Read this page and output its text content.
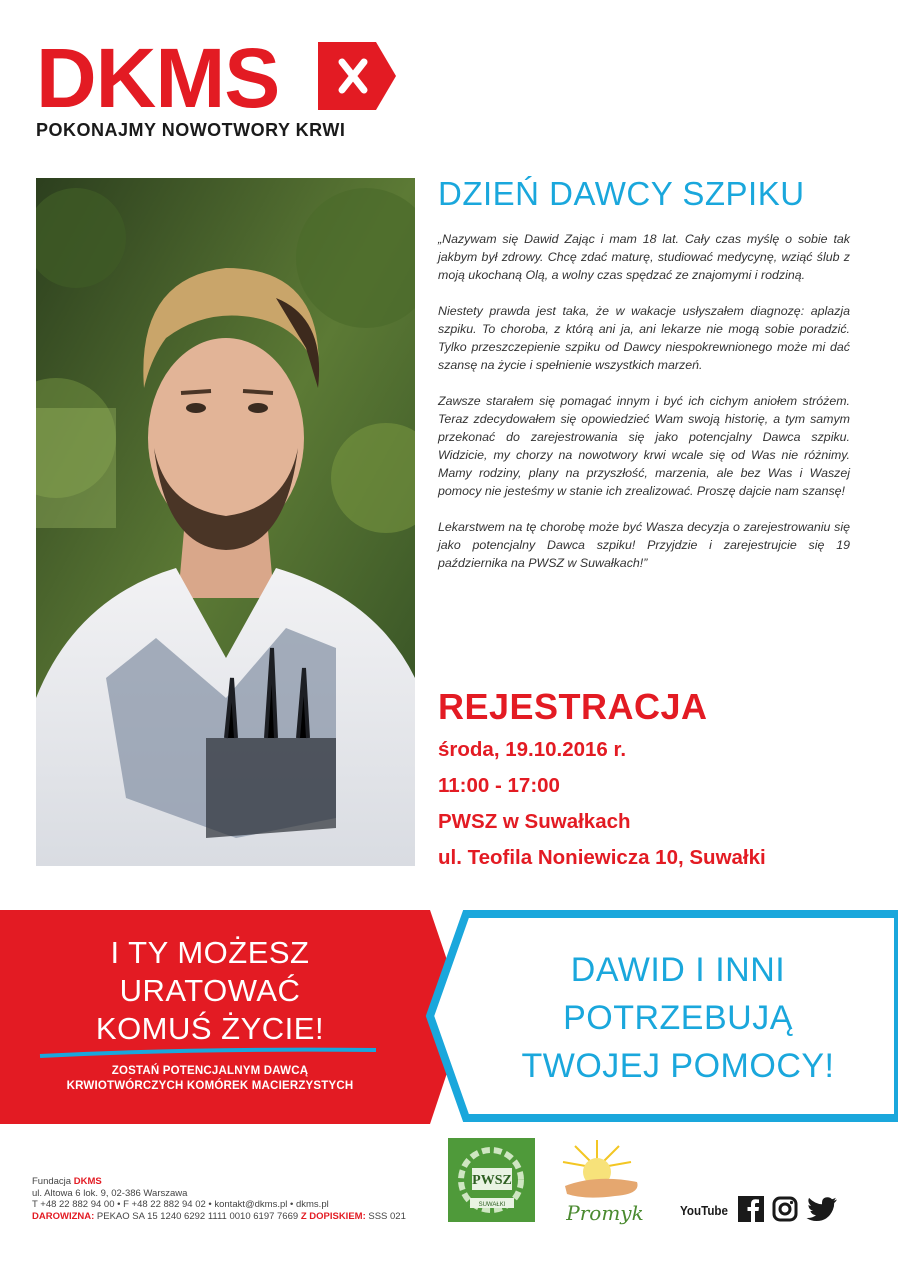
DKMS
POKONAJMY NOWOTWORY KRWI
DZIEŃ DAWCY SZPIKU

„Nazywam się Dawid Zając i mam 18 lat. Cały czas myślę o sobie tak jakbym był zdrowy. Chcę zdać maturę, studiować medycynę, wziąć ślub z moją ukochaną Olą, a wolny czas spędzać ze znajomymi i rodziną.

Niestety prawda jest taka, że w wakacje usłyszałem diagnozę: aplazja szpiku. To choroba, z którą ani ja, ani lekarze nie mogą sobie poradzić. Tylko przeszczepienie szpiku od Dawcy niespokrewnionego może mi dać szansę na życie i spełnienie wszystkich marzeń.

Zawsze starałem się pomagać innym i być ich cichym aniołem stróżem. Teraz zdecydowałem się opowiedzieć Wam swoją historię, a tym samym przekonać do zarejestrowania się jako potencjalny Dawca szpiku. Widzicie, my chorzy na nowotwory krwi wcale się od Was nie różnimy. Mamy rodziny, plany na przyszłość, marzenia, ale bez Was i Waszej pomocy nie jesteśmy w stanie ich zrealizować. Proszę dajcie nam szansę!

Lekarstwem na tę chorobę może być Wasza decyzja o zarejestrowaniu się jako potencjalny Dawca szpiku! Przyjdzie i zarejestrujcie się 19 października na PWSZ w Suwałkach!”

REJESTRACJA
środa, 19.10.2016 r.
11:00 - 17:00
PWSZ w Suwałkach
ul. Teofila Noniewicza 10, Suwałki
I TY MOŻESZ
URATOWAĆ
KOMUŚ ŻYCIE!
ZOSTAŃ POTENCJALNYM DAWCĄ
KRWIOTWÓRCZYCH KOMÓREK MACIERZYSTYCH
DAWID I INNI
POTRZEBUJĄ
TWOJEJ POMOCY!
Fundacja DKMS
ul. Altowa 6 lok. 9, 02-386 Warszawa
T +48 22 882 94 00 • F +48 22 882 94 02 • kontakt@dkms.pl • dkms.pl
DAROWIZNA: PEKAO SA 15 1240 6292 1111 0010 6197 7669 Z DOPISKIEM: SSS 021
PWSZ
SUWAŁKI	Promyk	YouTube
